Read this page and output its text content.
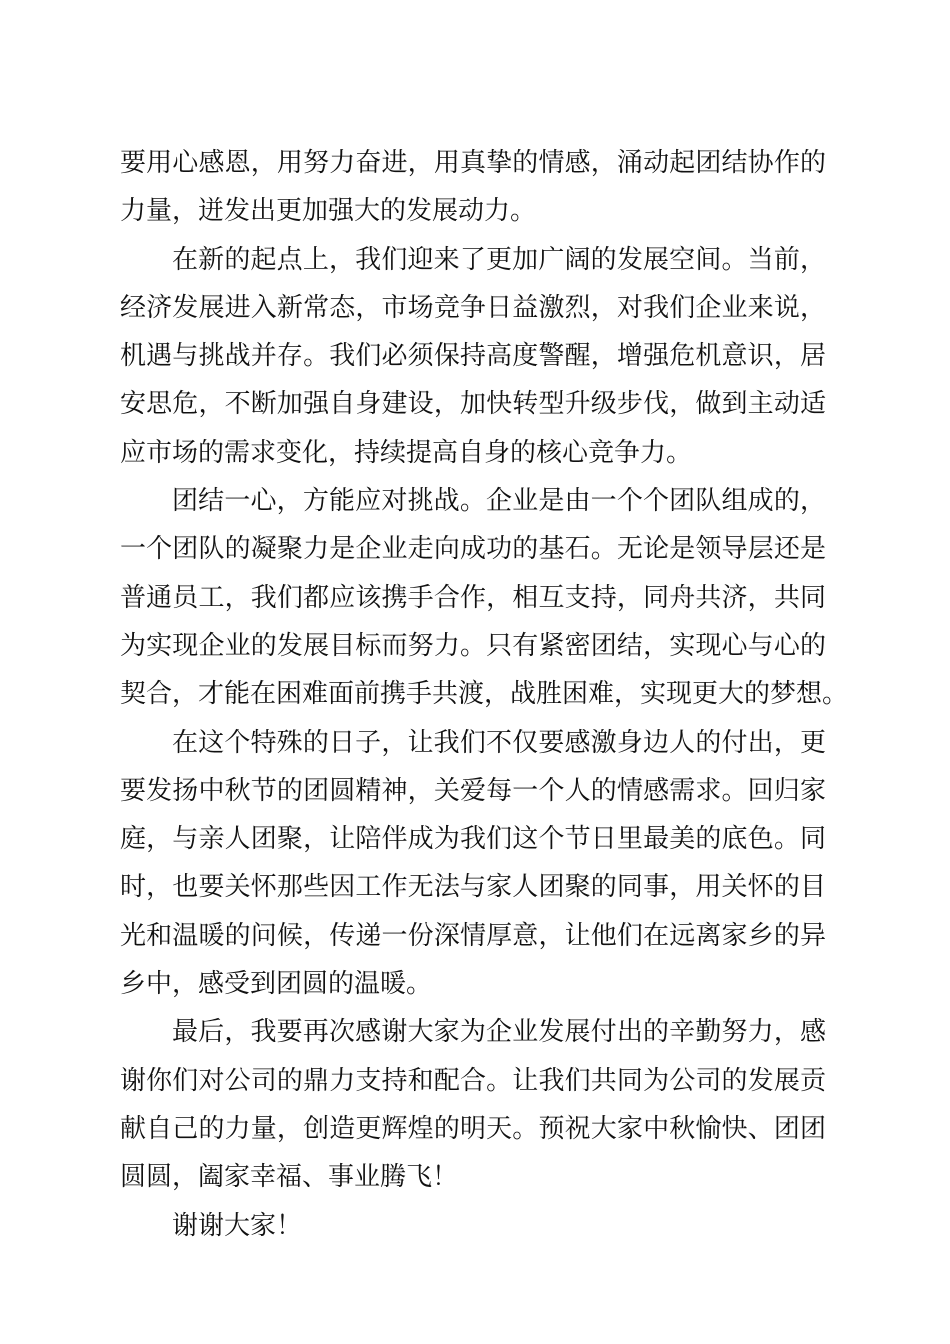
要用心感恩，用努力奋进，用真挚的情感，涌动起团结协作的
力量，迸发出更加强大的发展动力。
在新的起点上，我们迎来了更加广阔的发展空间。当前，
经济发展进入新常态，市场竞争日益激烈，对我们企业来说，
机遇与挑战并存。我们必须保持高度警醒，增强危机意识，居
安思危，不断加强自身建设，加快转型升级步伐，做到主动适
应市场的需求变化，持续提高自身的核心竞争力。
团结一心，方能应对挑战。企业是由一个个团队组成的，
一个团队的凝聚力是企业走向成功的基石。无论是领导层还是
普通员工，我们都应该携手合作，相互支持，同舟共济，共同
为实现企业的发展目标而努力。只有紧密团结，实现心与心的
契合，才能在困难面前携手共渡，战胜困难，实现更大的梦想。
在这个特殊的日子，让我们不仅要感激身边人的付出，更
要发扬中秋节的团圆精神，关爱每一个人的情感需求。回归家
庭，与亲人团聚，让陪伴成为我们这个节日里最美的底色。同
时，也要关怀那些因工作无法与家人团聚的同事，用关怀的目
光和温暖的问候，传递一份深情厚意，让他们在远离家乡的异
乡中，感受到团圆的温暖。
最后，我要再次感谢大家为企业发展付出的辛勤努力，感
谢你们对公司的鼎力支持和配合。让我们共同为公司的发展贡
献自己的力量，创造更辉煌的明天。预祝大家中秋愉快、团团
圆圆，阖家幸福、事业腾飞！
谢谢大家！
